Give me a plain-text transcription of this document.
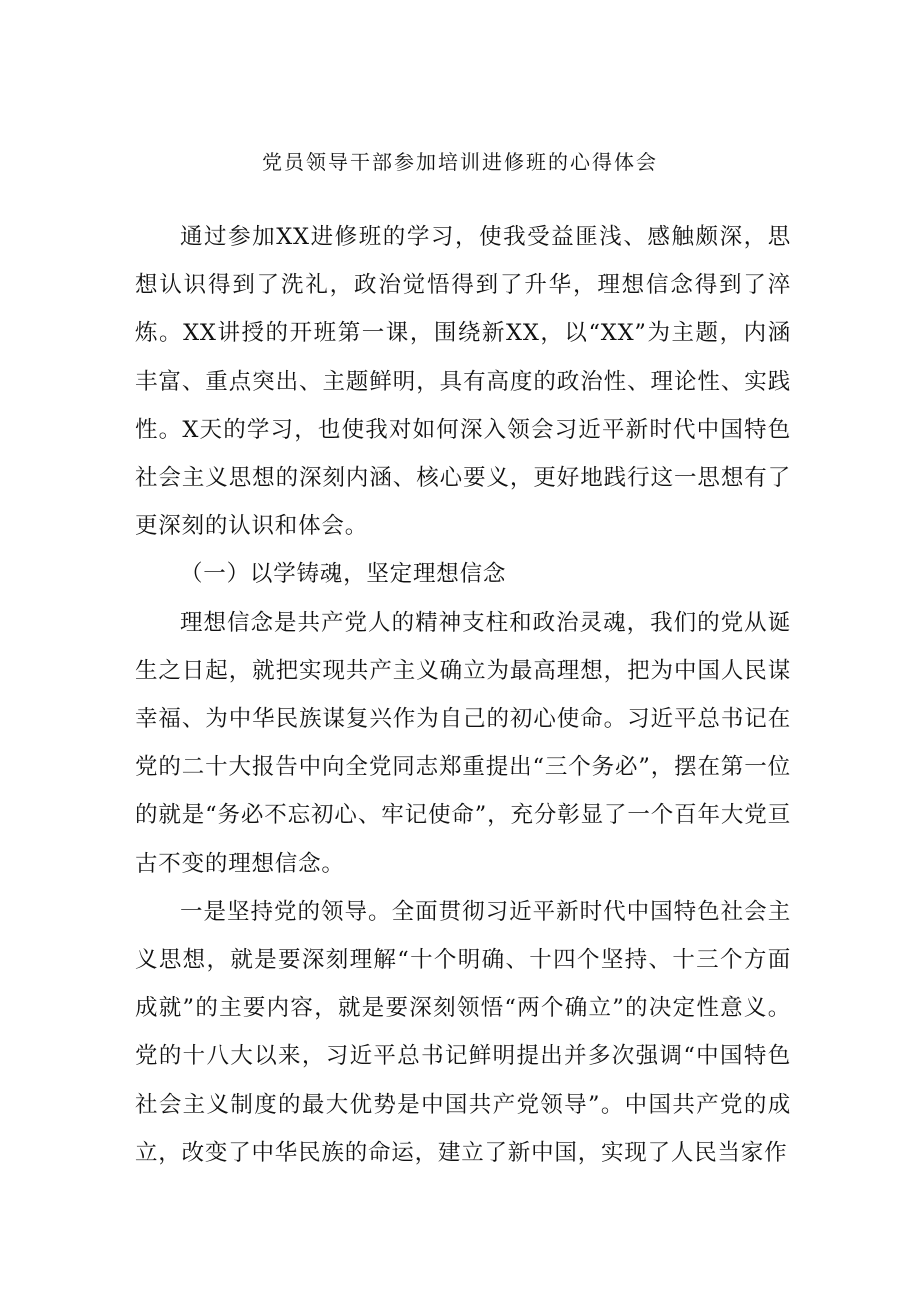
党员领导干部参加培训进修班的心得体会

通过参加XX进修班的学习，使我受益匪浅、感触颇深，思想认识得到了洗礼，政治觉悟得到了升华，理想信念得到了淬炼。XX讲授的开班第一课，围绕新XX，以“XX”为主题，内涵丰富、重点突出、主题鲜明，具有高度的政治性、理论性、实践性。X天的学习，也使我对如何深入领会习近平新时代中国特色社会主义思想的深刻内涵、核心要义，更好地践行这一思想有了更深刻的认识和体会。

（一）以学铸魂，坚定理想信念

理想信念是共产党人的精神支柱和政治灵魂，我们的党从诞生之日起，就把实现共产主义确立为最高理想，把为中国人民谋幸福、为中华民族谋复兴作为自己的初心使命。习近平总书记在党的二十大报告中向全党同志郑重提出“三个务必”，摆在第一位的就是“务必不忘初心、牢记使命”，充分彰显了一个百年大党亘古不变的理想信念。

一是坚持党的领导。全面贯彻习近平新时代中国特色社会主义思想，就是要深刻理解“十个明确、十四个坚持、十三个方面成就”的主要内容，就是要深刻领悟“两个确立”的决定性意义。党的十八大以来，习近平总书记鲜明提出并多次强调“中国特色社会主义制度的最大优势是中国共产党领导”。中国共产党的成立，改变了中华民族的命运，建立了新中国，实现了人民当家作
